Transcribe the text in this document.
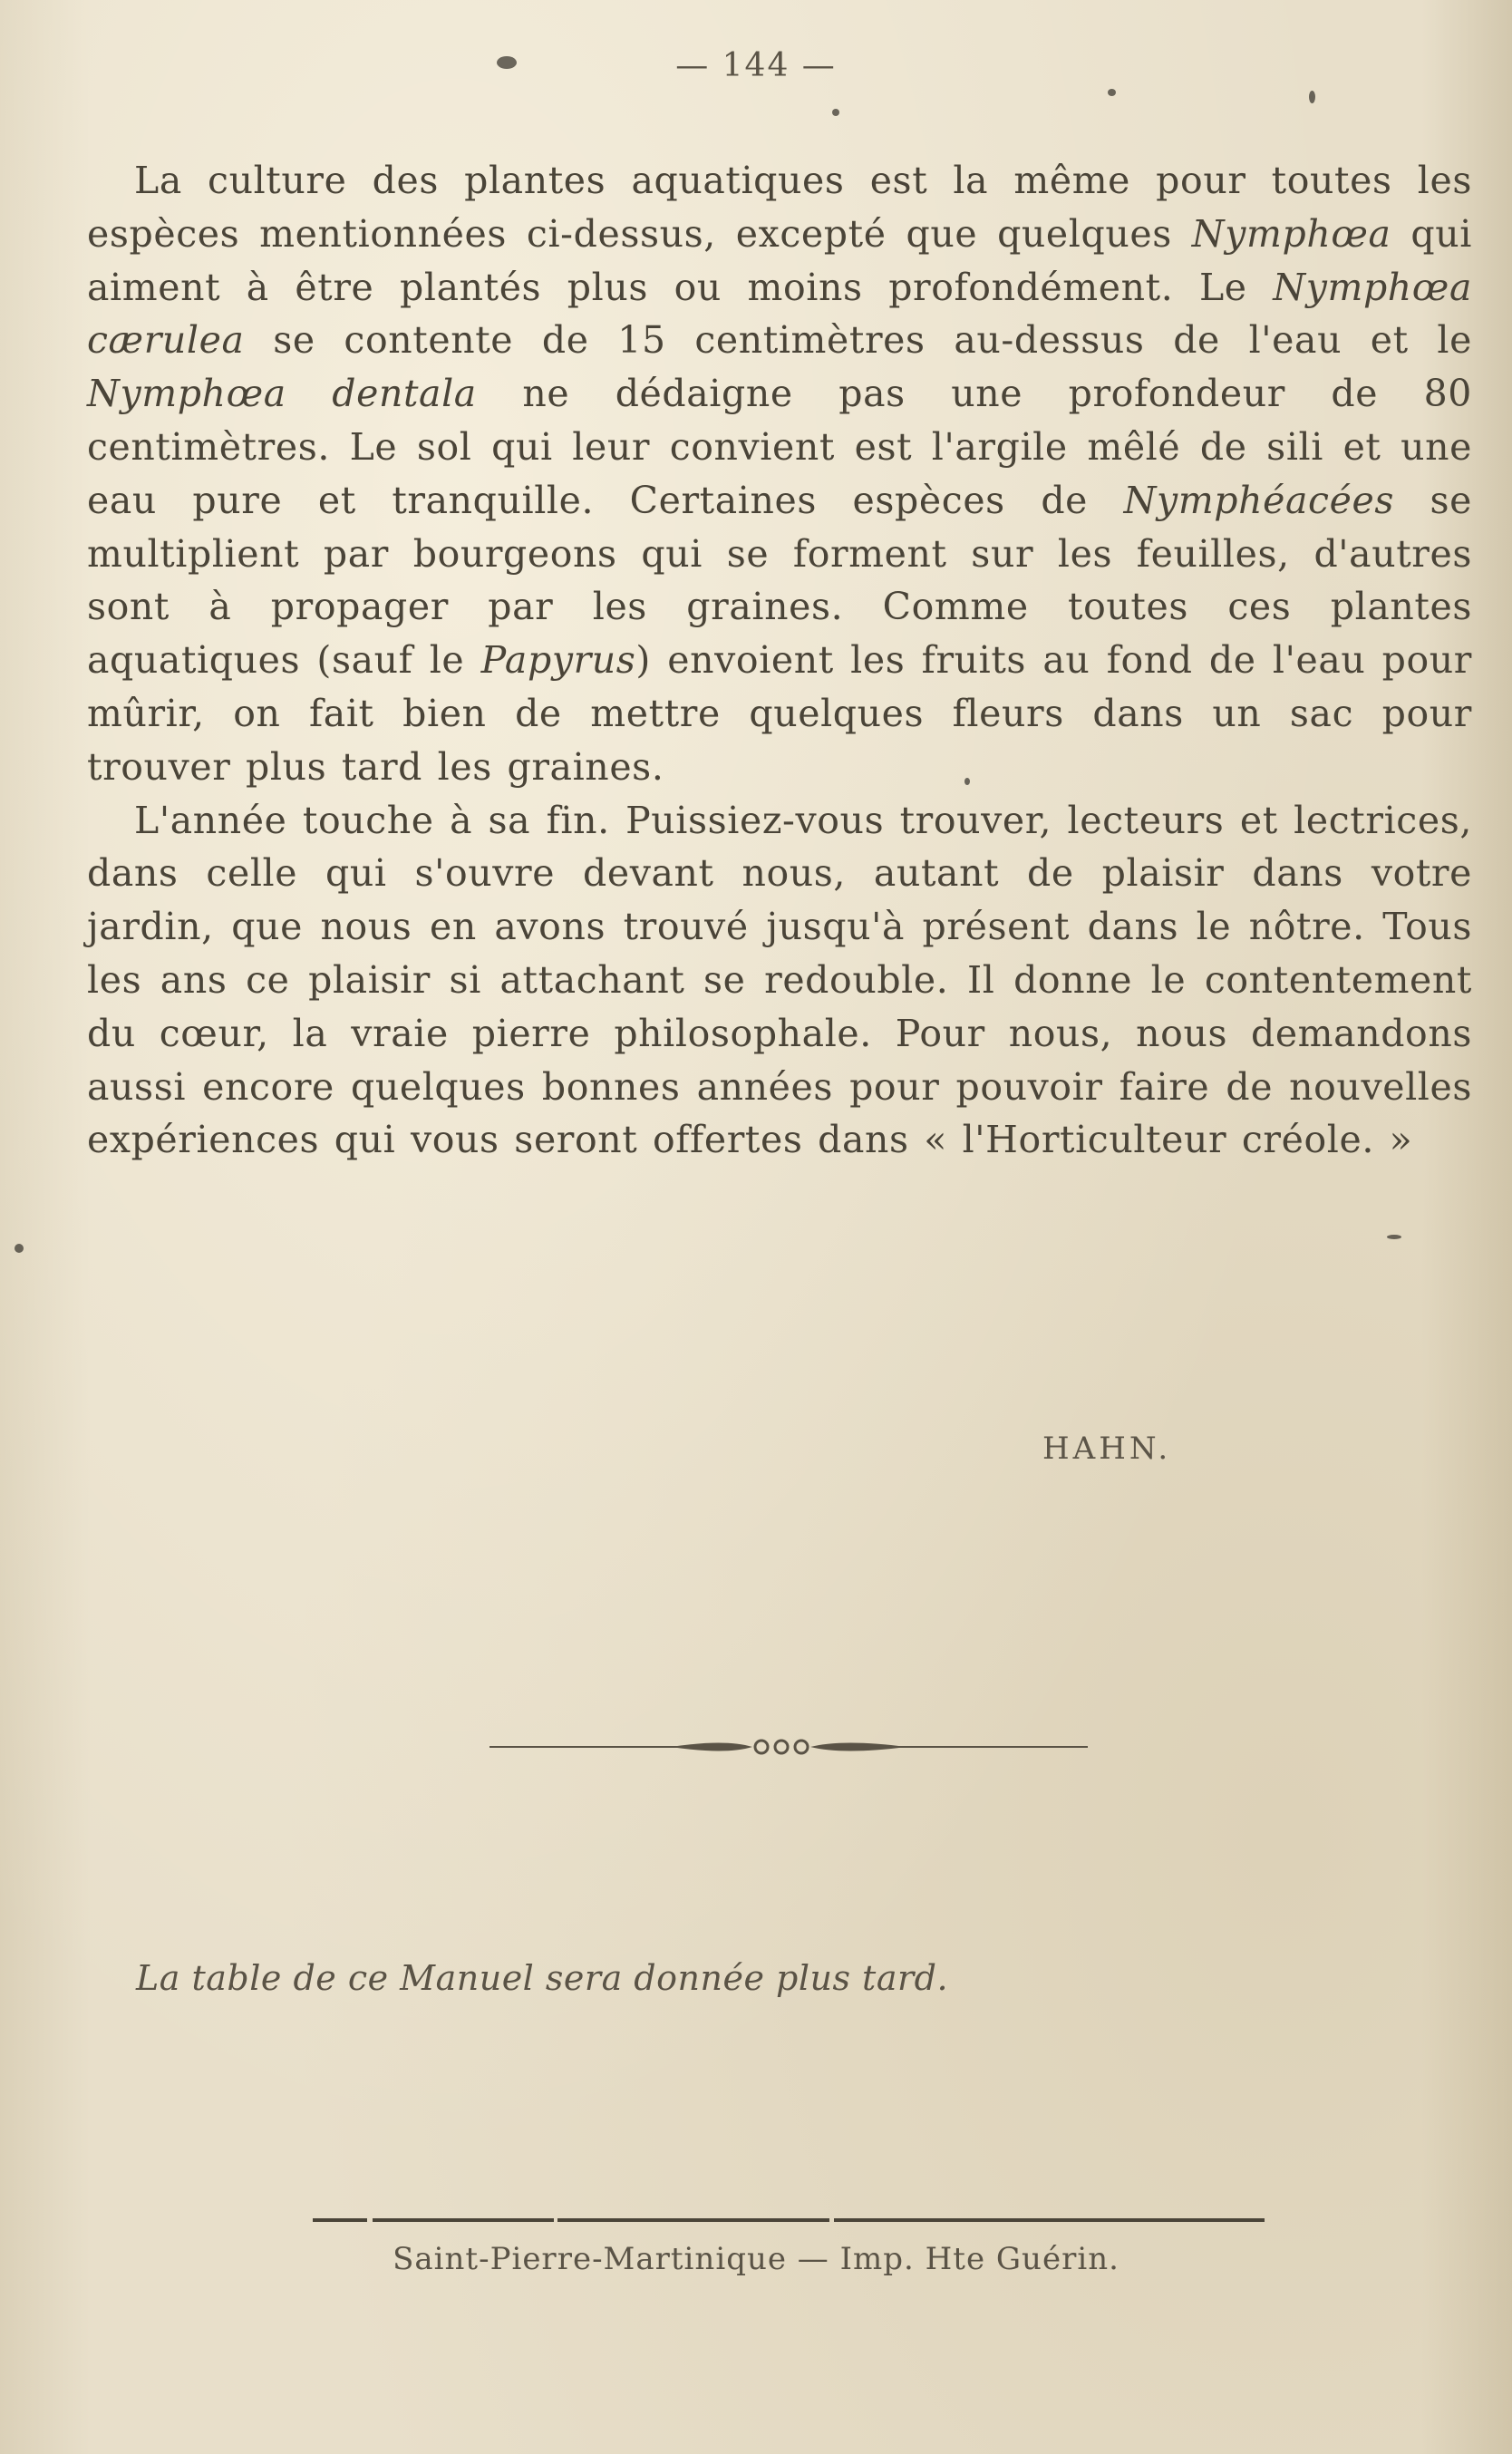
— 144 —

La culture des plantes aquatiques est la même pour toutes les espèces mentionnées ci-dessus, excepté que quelques Nymphœa qui aiment à être plantés plus ou moins profondément. Le Nymphœa cærulea se contente de 15 centimètres au-dessus de l'eau et le Nymphœa dentala ne dédaigne pas une profondeur de 80 centimètres. Le sol qui leur convient est l'argile mêlé de sili et une eau pure et tranquille. Certaines espèces de Nymphéacées se multiplient par bourgeons qui se forment sur les feuilles, d'autres sont à propager par les graines. Comme toutes ces plantes aquatiques (sauf le Papyrus) envoient les fruits au fond de l'eau pour mûrir, on fait bien de mettre quelques fleurs dans un sac pour trouver plus tard les graines.

L'année touche à sa fin. Puissiez-vous trouver, lecteurs et lectrices, dans celle qui s'ouvre devant nous, autant de plaisir dans votre jardin, que nous en avons trouvé jusqu'à présent dans le nôtre. Tous les ans ce plaisir si attachant se redouble. Il donne le contentement du cœur, la vraie pierre philosophale. Pour nous, nous demandons aussi encore quelques bonnes années pour pouvoir faire de nouvelles expériences qui vous seront offertes dans « l'Horticulteur créole. »

HAHN.
La table de ce Manuel sera donnée plus tard.
Saint-Pierre-Martinique — Imp. Hte Guérin.
